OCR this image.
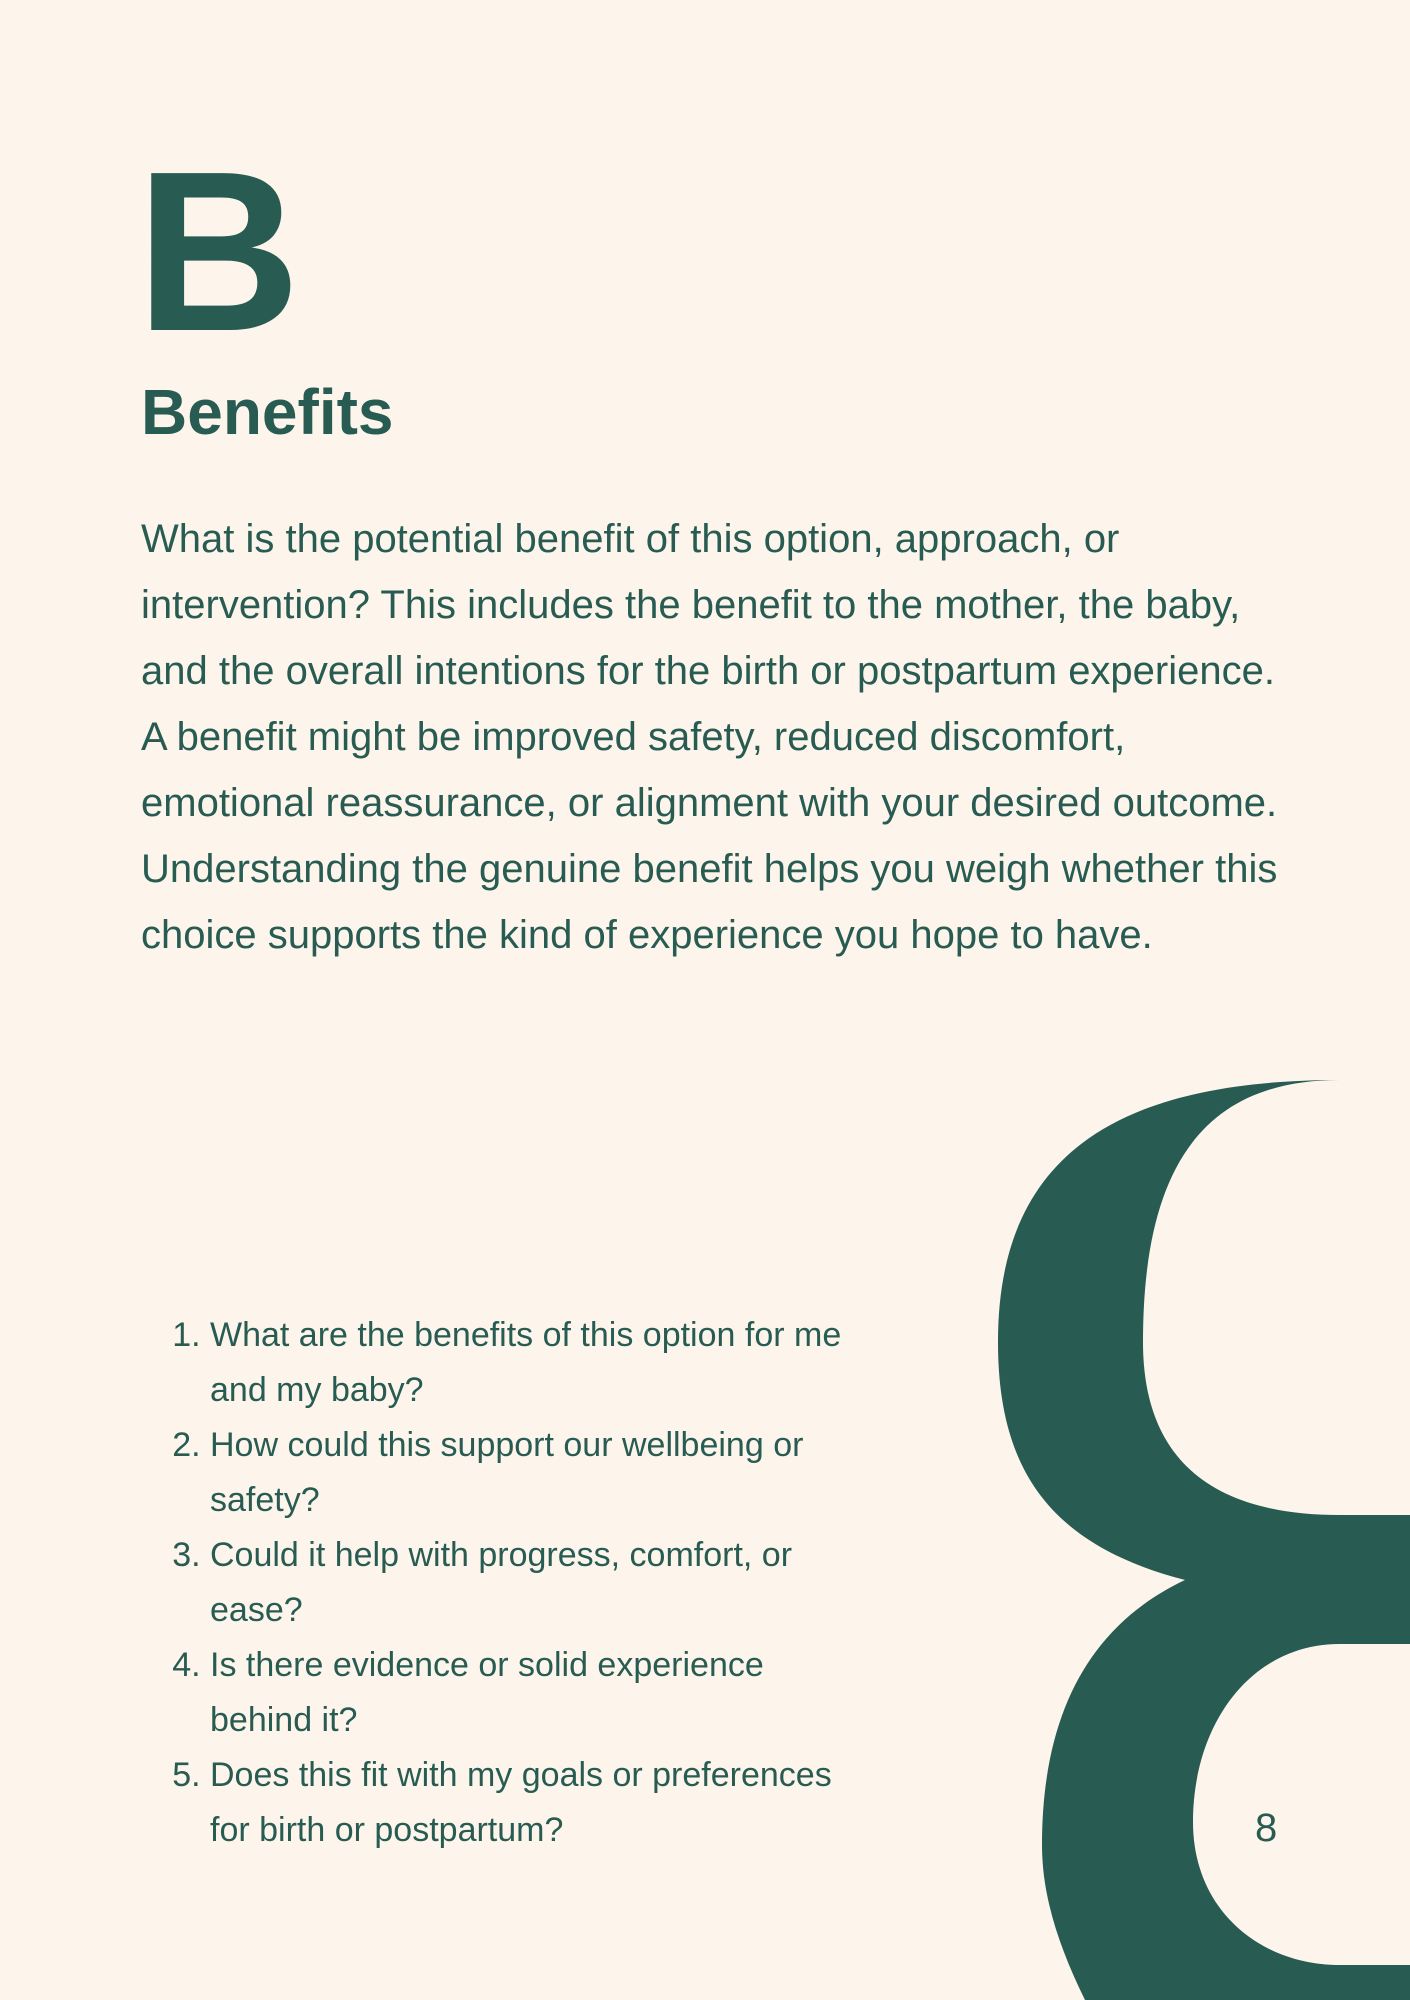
B
Benefits

What is the potential benefit of this option, approach, or intervention? This includes the benefit to the mother, the baby, and the overall intentions for the birth or postpartum experience. A benefit might be improved safety, reduced discomfort, emotional reassurance, or alignment with your desired outcome. Understanding the genuine benefit helps you weigh whether this choice supports the kind of experience you hope to have.

1. What are the benefits of this option for me and my baby?
2. How could this support our wellbeing or safety?
3. Could it help with progress, comfort, or ease?
4. Is there evidence or solid experience behind it?
5. Does this fit with my goals or preferences for birth or postpartum?	8
